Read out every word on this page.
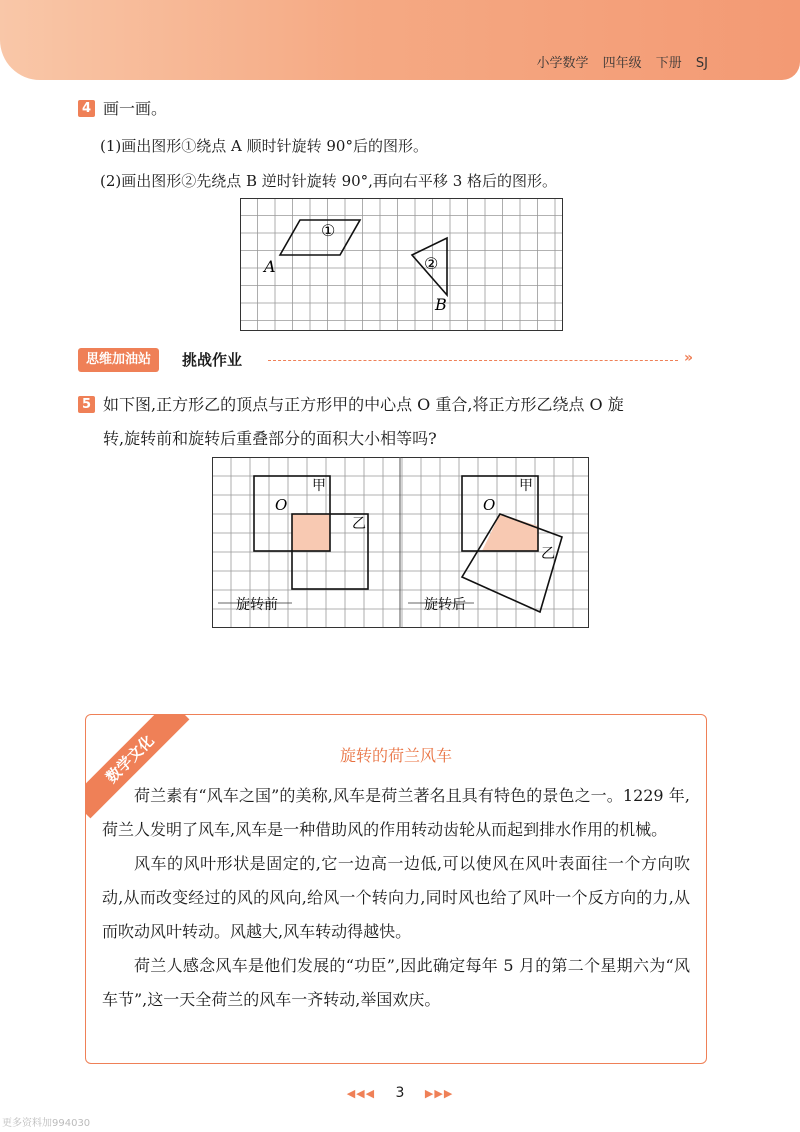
小学数学 四年级 下册 SJ
4 画一画。
(1)画出图形①绕点 A 顺时针旋转 90°后的图形。
(2)画出图形②先绕点 B 逆时针旋转 90°,再向右平移 3 格后的图形。
①
②
A
B
思维加油站	挑战作业	»
5 如下图,正方形乙的顶点与正方形甲的中心点 O 重合,将正方形乙绕点 O 旋
转,旋转前和旋转后重叠部分的面积大小相等吗?
甲
O
乙
旋转前
甲
O
乙
旋转后
数学文化	旋转的荷兰风车

荷兰素有“风车之国”的美称,风车是荷兰著名且具有特色的景色之一。1229 年,荷兰人发明了风车,风车是一种借助风的作用转动齿轮从而起到排水作用的机械。

风车的风叶形状是固定的,它一边高一边低,可以使风在风叶表面往一个方向吹动,从而改变经过的风的风向,给风一个转向力,同时风也给了风叶一个反方向的力,从而吹动风叶转动。风越大,风车转动得越快。

荷兰人感念风车是他们发展的“功臣”,因此确定每年 5 月的第二个星期六为“风车节”,这一天全荷兰的风车一齐转动,举国欢庆。

◀◀◀ 3 ▶▶▶
更多资料加994030
